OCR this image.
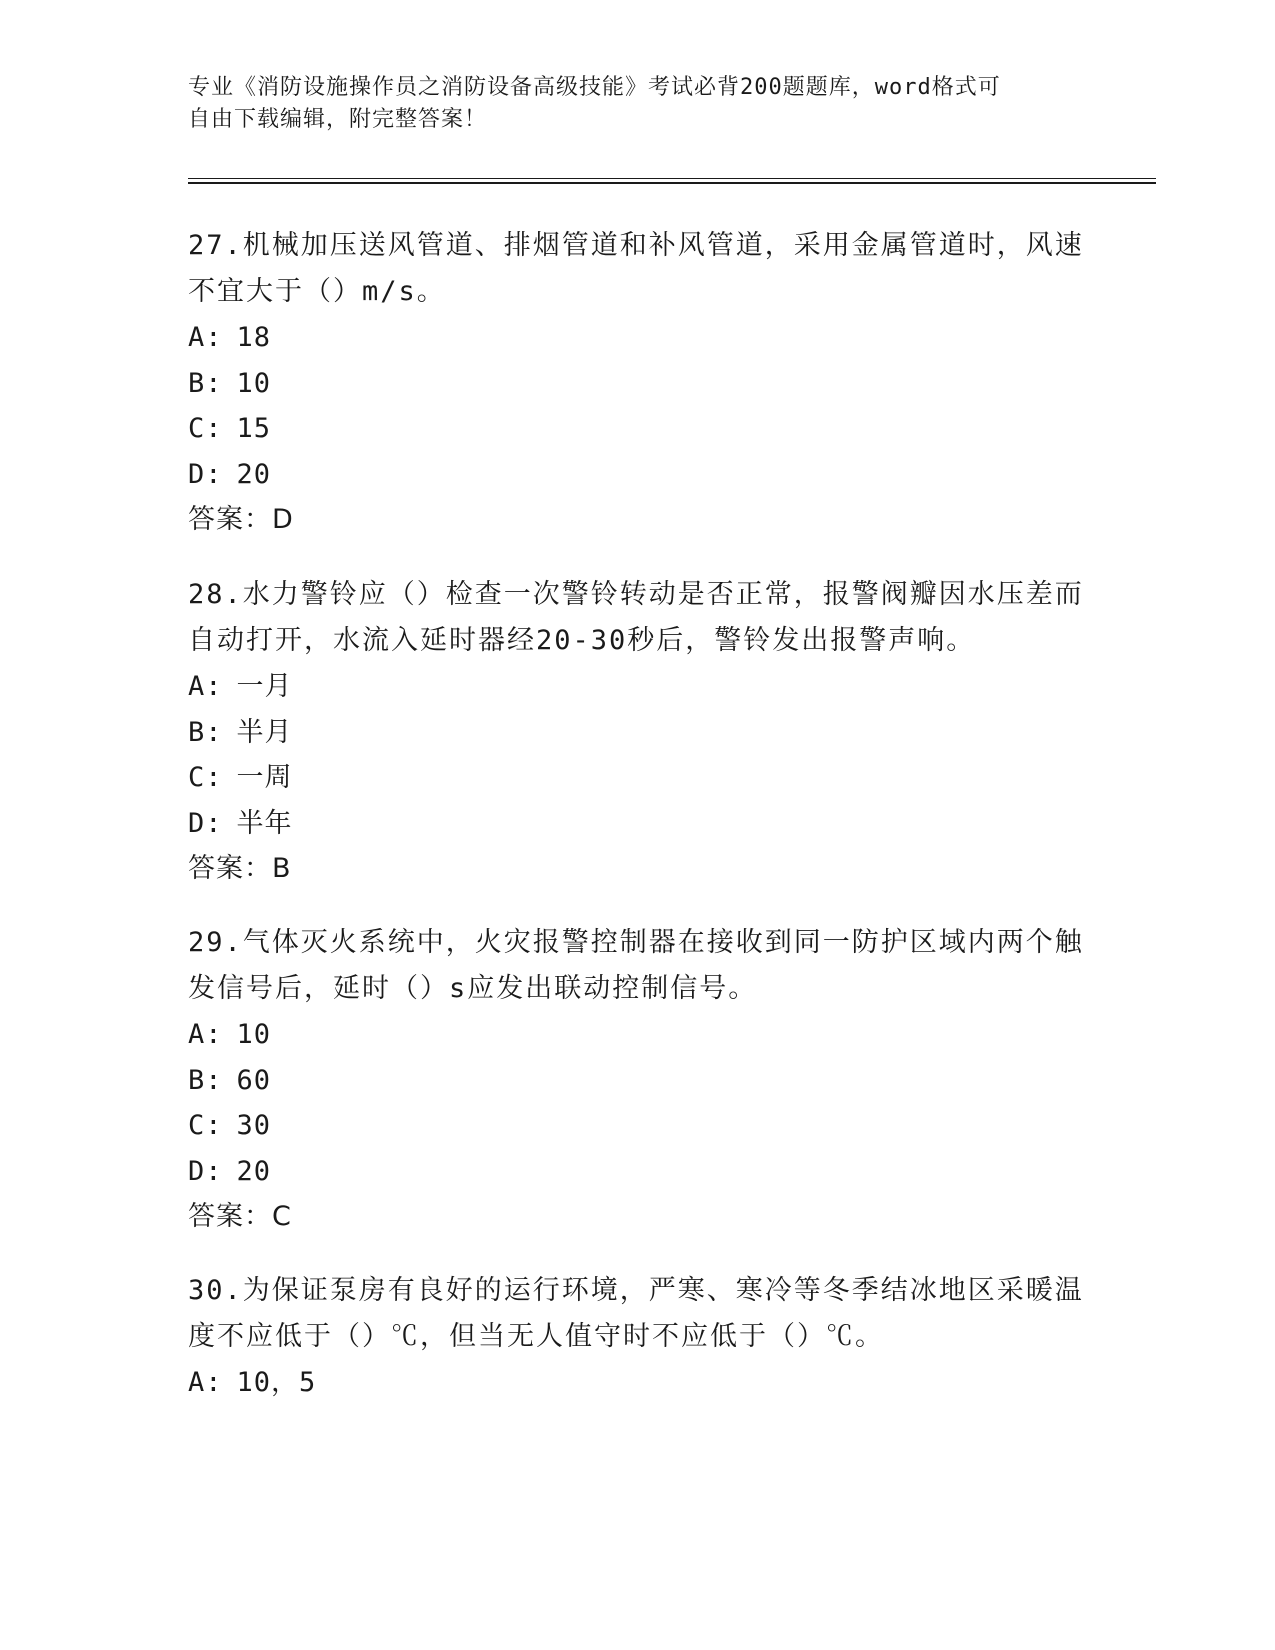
专业《消防设施操作员之消防设备高级技能》考试必背200题题库，word格式可
自由下载编辑，附完整答案！

27.机械加压送风管道、排烟管道和补风管道，采用金属管道时，风速

不宜大于（）m/s。

A: 18

B: 10

C: 15

D: 20

答案：D

28.水力警铃应（）检查一次警铃转动是否正常，报警阀瓣因水压差而

自动打开，水流入延时器经20-30秒后，警铃发出报警声响。

A: 一月

B: 半月

C: 一周

D: 半年

答案：B

29.气体灭火系统中，火灾报警控制器在接收到同一防护区域内两个触

发信号后，延时（）s应发出联动控制信号。

A: 10

B: 60

C: 30

D: 20

答案：C

30.为保证泵房有良好的运行环境，严寒、寒冷等冬季结冰地区采暖温

度不应低于（）℃，但当无人值守时不应低于（）℃。

A: 10，5
